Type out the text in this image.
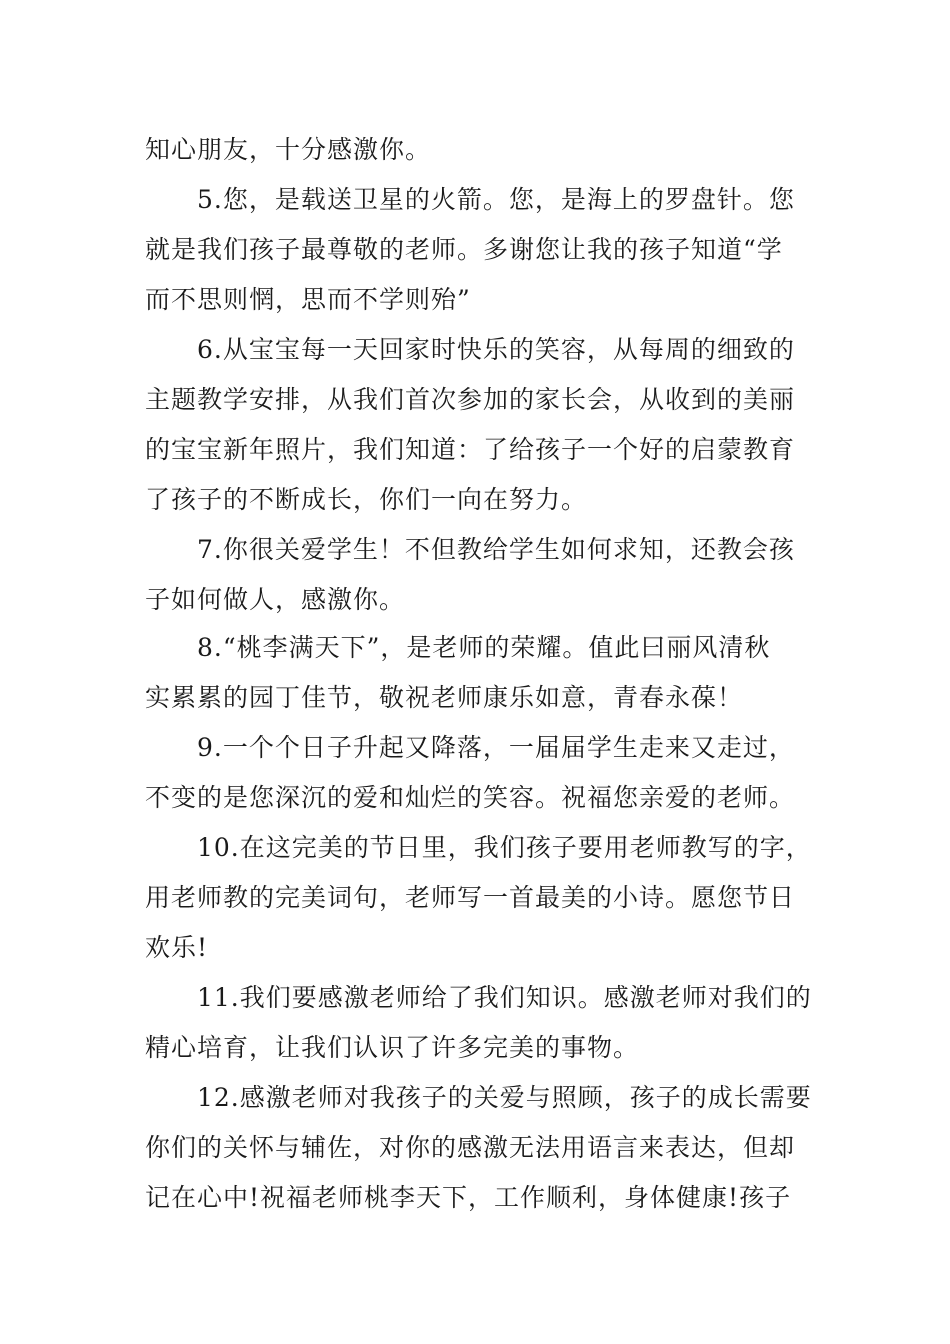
知心朋友，十分感激你。
5.您，是载送卫星的火箭。您，是海上的罗盘针。您
就是我们孩子最尊敬的老师。多谢您让我的孩子知道“学
而不思则惘，思而不学则殆”
6.从宝宝每一天回家时快乐的笑容，从每周的细致的
主题教学安排，从我们首次参加的家长会，从收到的美丽
的宝宝新年照片，我们知道：了给孩子一个好的启蒙教育
了孩子的不断成长，你们一向在努力。
7.你很关爱学生！不但教给学生如何求知，还教会孩
子如何做人，感激你。
8.“桃李满天下”，是老师的荣耀。值此曰丽风清秋
实累累的园丁佳节，敬祝老师康乐如意，青春永葆！
9.一个个日子升起又降落，一届届学生走来又走过，
不变的是您深沉的爱和灿烂的笑容。祝福您亲爱的老师。
10.在这完美的节日里，我们孩子要用老师教写的字，
用老师教的完美词句，老师写一首最美的小诗。愿您节日
欢乐!
11.我们要感激老师给了我们知识。感激老师对我们的
精心培育，让我们认识了许多完美的事物。
12.感激老师对我孩子的关爱与照顾，孩子的成长需要
你们的关怀与辅佐，对你的感激无法用语言来表达，但却
记在心中!祝福老师桃李天下，工作顺利，身体健康!孩子
